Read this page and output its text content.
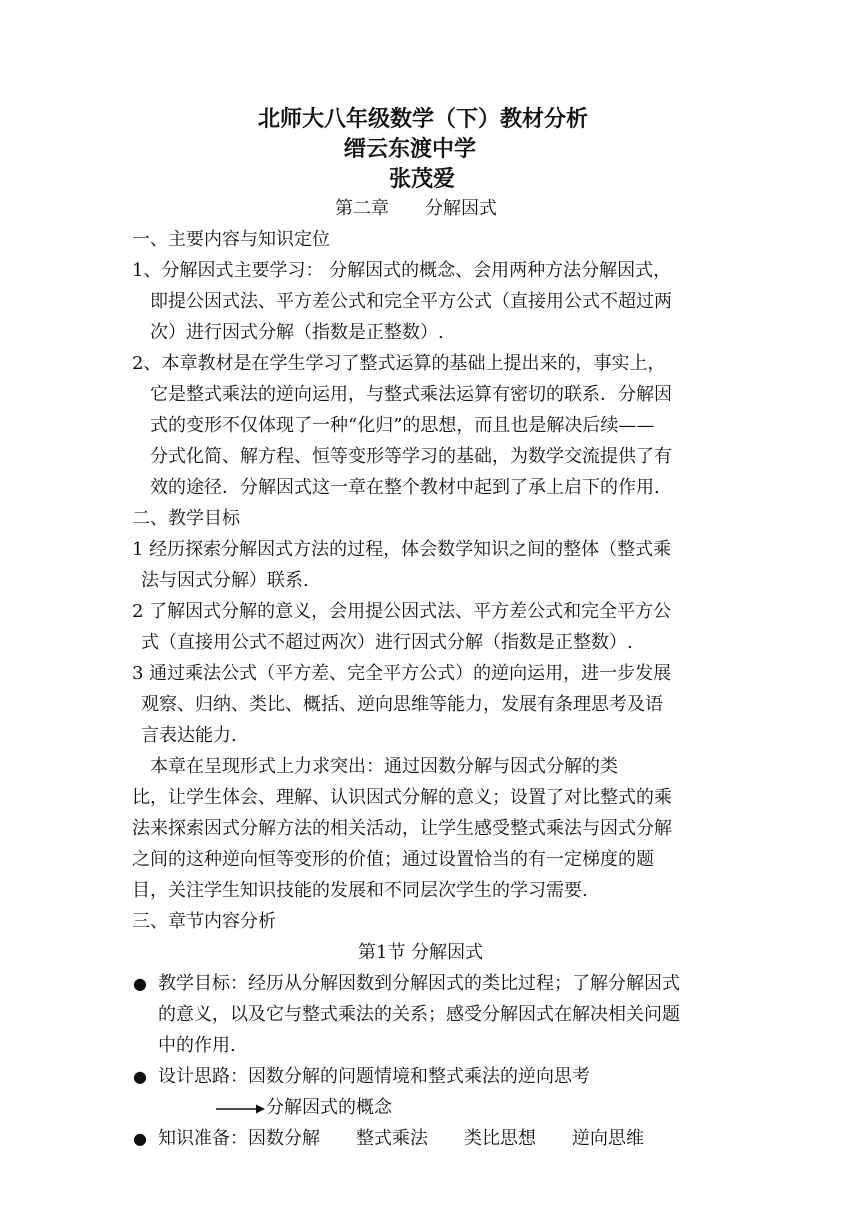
北师大八年级数学（下）教材分析
缙云东渡中学
张茂爱
第二章　　分解因式
一、主要内容与知识定位
1、分解因式主要学习： 分解因式的概念、会用两种方法分解因式，
即提公因式法、平方差公式和完全平方公式（直接用公式不超过两
次）进行因式分解（指数是正整数）.
2、本章教材是在学生学习了整式运算的基础上提出来的，事实上，
它是整式乘法的逆向运用，与整式乘法运算有密切的联系．分解因
式的变形不仅体现了一种“化归”的思想，而且也是解决后续——
分式化简、解方程、恒等变形等学习的基础，为数学交流提供了有
效的途径．分解因式这一章在整个教材中起到了承上启下的作用.
二、教学目标
1 经历探索分解因式方法的过程，体会数学知识之间的整体（整式乘
法与因式分解）联系.
2 了解因式分解的意义，会用提公因式法、平方差公式和完全平方公
式（直接用公式不超过两次）进行因式分解（指数是正整数）.
3 通过乘法公式（平方差、完全平方公式）的逆向运用，进一步发展
观察、归纳、类比、概括、逆向思维等能力，发展有条理思考及语
言表达能力.
本章在呈现形式上力求突出：通过因数分解与因式分解的类
比，让学生体会、理解、认识因式分解的意义；设置了对比整式的乘
法来探索因式分解方法的相关活动，让学生感受整式乘法与因式分解
之间的这种逆向恒等变形的价值；通过设置恰当的有一定梯度的题
目，关注学生知识技能的发展和不同层次学生的学习需要.
三、章节内容分析
第1节 分解因式
● 教学目标：经历从分解因数到分解因式的类比过程；了解分解因式
的意义，以及它与整式乘法的关系；感受分解因式在解决相关问题
中的作用.
● 设计思路：因数分解的问题情境和整式乘法的逆向思考
分解因式的概念
● 知识准备：因数分解　　整式乘法　　类比思想　　逆向思维
